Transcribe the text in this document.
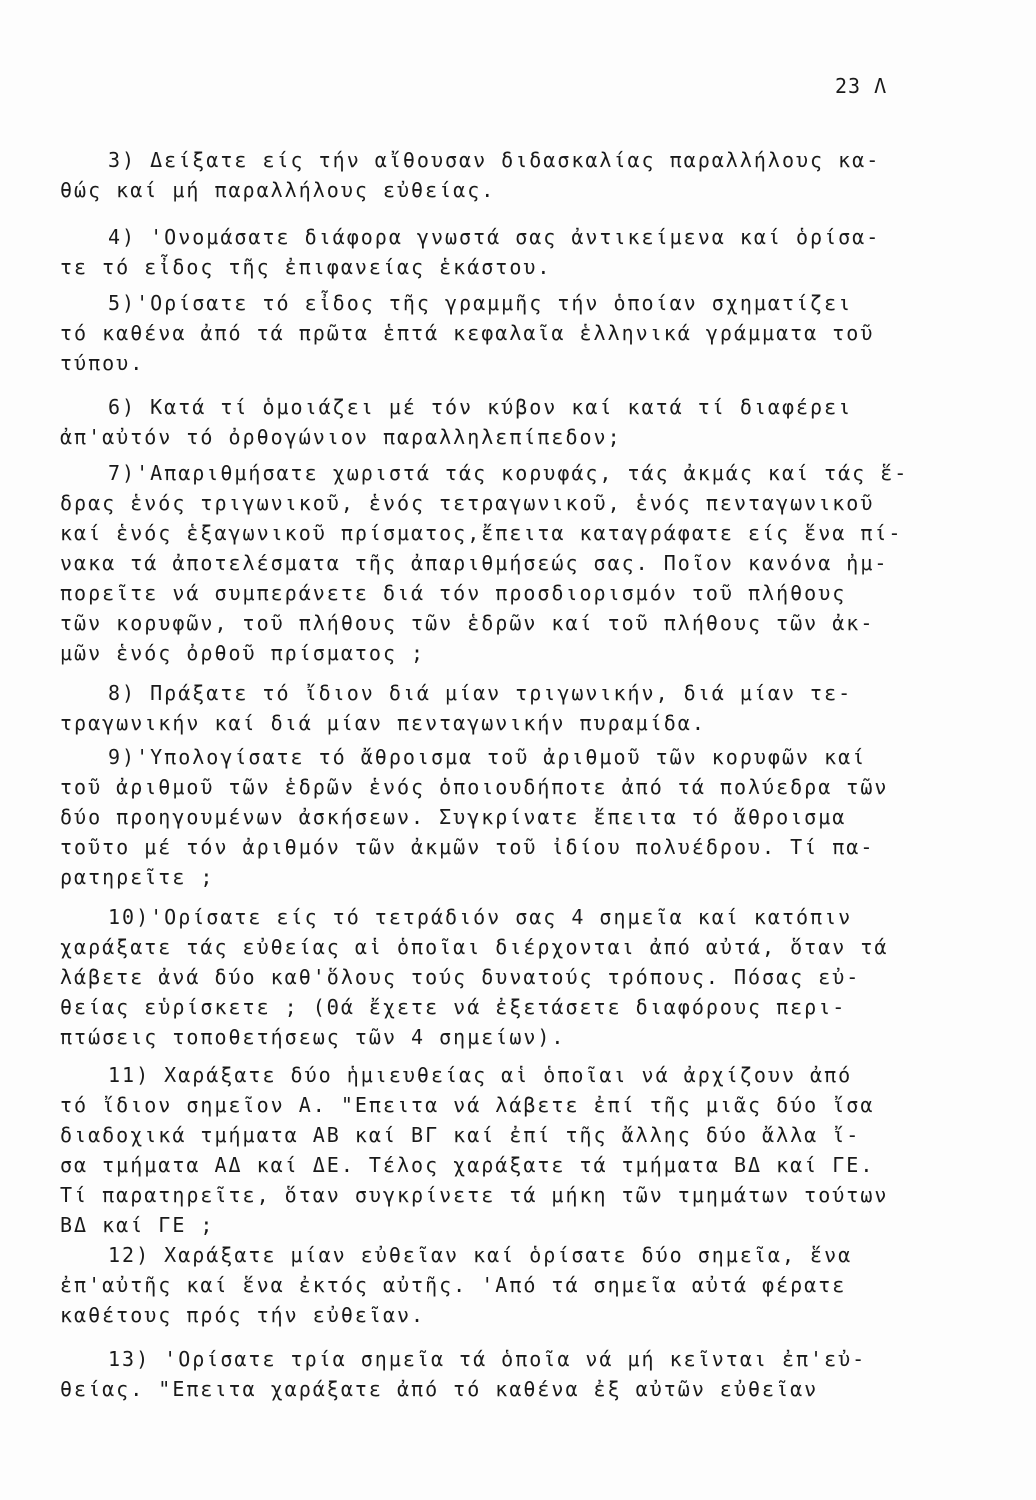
23 Λ
3) Δείξατε είς τήν αἴθουσαν διδασκαλίας παραλλήλους κα-
θώς καί μή παραλλήλους εὐθείας.
4) 'Ονομάσατε διάφορα γνωστά σας ἀντικείμενα καί ὁρίσα-
τε τό εἶδος τῆς ἐπιφανείας ἑκάστου.
5)'Ορίσατε τό εἶδος τῆς γραμμῆς τήν ὁποίαν σχηματίζει
τό καθένα ἀπό τά πρῶτα ἑπτά κεφαλαῖα ἑλληνικά γράμματα τοῦ
τύπου.
6) Κατά τί ὁμοιάζει μέ τόν κύβον καί κατά τί διαφέρει
ἀπ'αὐτόν τό ὀρθογώνιον παραλληλεπίπεδον;
7)'Απαριθμήσατε χωριστά τάς κορυφάς, τάς ἀκμάς καί τάς ἕ-
δρας ἑνός τριγωνικοῦ, ἑνός τετραγωνικοῦ, ἑνός πενταγωνικοῦ
καί ἑνός ἑξαγωνικοῦ πρίσματος,ἔπειτα καταγράφατε είς ἕνα πί-
νακα τά ἀποτελέσματα τῆς ἀπαριθμήσεώς σας. Ποῖον κανόνα ἠμ-
πορεῖτε νά συμπεράνετε διά τόν προσδιορισμόν τοῦ πλήθους
τῶν κορυφῶν, τοῦ πλήθους τῶν ἑδρῶν καί τοῦ πλήθους τῶν ἀκ-
μῶν ἑνός ὀρθοῦ πρίσματος ;
8) Πράξατε τό ἴδιον διά μίαν τριγωνικήν, διά μίαν τε-
τραγωνικήν καί διά μίαν πενταγωνικήν πυραμίδα.
9)'Υπολογίσατε τό ἄθροισμα τοῦ ἀριθμοῦ τῶν κορυφῶν καί
τοῦ ἀριθμοῦ τῶν ἑδρῶν ἑνός ὁποιουδήποτε ἀπό τά πολύεδρα τῶν
δύο προηγουμένων ἀσκήσεων. Συγκρίνατε ἔπειτα τό ἄθροισμα
τοῦτο μέ τόν ἀριθμόν τῶν ἀκμῶν τοῦ ἰδίου πολυέδρου. Τί πα-
ρατηρεῖτε ;
10)'Ορίσατε είς τό τετράδιόν σας 4 σημεῖα καί κατόπιν
χαράξατε τάς εὐθείας αἱ ὁποῖαι διέρχονται ἀπό αὐτά, ὅταν τά
λάβετε ἀνά δύο καθ'ὅλους τούς δυνατούς τρόπους. Πόσας εὐ-
θείας εὑρίσκετε ; (Θά ἔχετε νά ἐξετάσετε διαφόρους περι-
πτώσεις τοποθετήσεως τῶν 4 σημείων).
11) Χαράξατε δύο ἡμιευθείας αἱ ὁποῖαι νά ἀρχίζουν ἀπό
τό ἴδιον σημεῖον Α. "Επειτα νά λάβετε ἐπί τῆς μιᾶς δύο ἴσα
διαδοχικά τμήματα ΑΒ καί ΒΓ καί ἐπί τῆς ἄλλης δύο ἄλλα ἴ-
σα τμήματα ΑΔ καί ΔΕ. Τέλος χαράξατε τά τμήματα ΒΔ καί ΓΕ.
Τί παρατηρεῖτε, ὅταν συγκρίνετε τά μήκη τῶν τμημάτων τούτων
ΒΔ καί ΓΕ ;
12) Χαράξατε μίαν εὐθεῖαν καί ὁρίσατε δύο σημεῖα, ἕνα
ἐπ'αὐτῆς καί ἕνα ἐκτός αὐτῆς. 'Από τά σημεῖα αὐτά φέρατε
καθέτους πρός τήν εὐθεῖαν.
13) 'Ορίσατε τρία σημεῖα τά ὁποῖα νά μή κεῖνται ἐπ'εὐ-
θείας. "Επειτα χαράξατε ἀπό τό καθένα ἐξ αὐτῶν εὐθεῖαν
